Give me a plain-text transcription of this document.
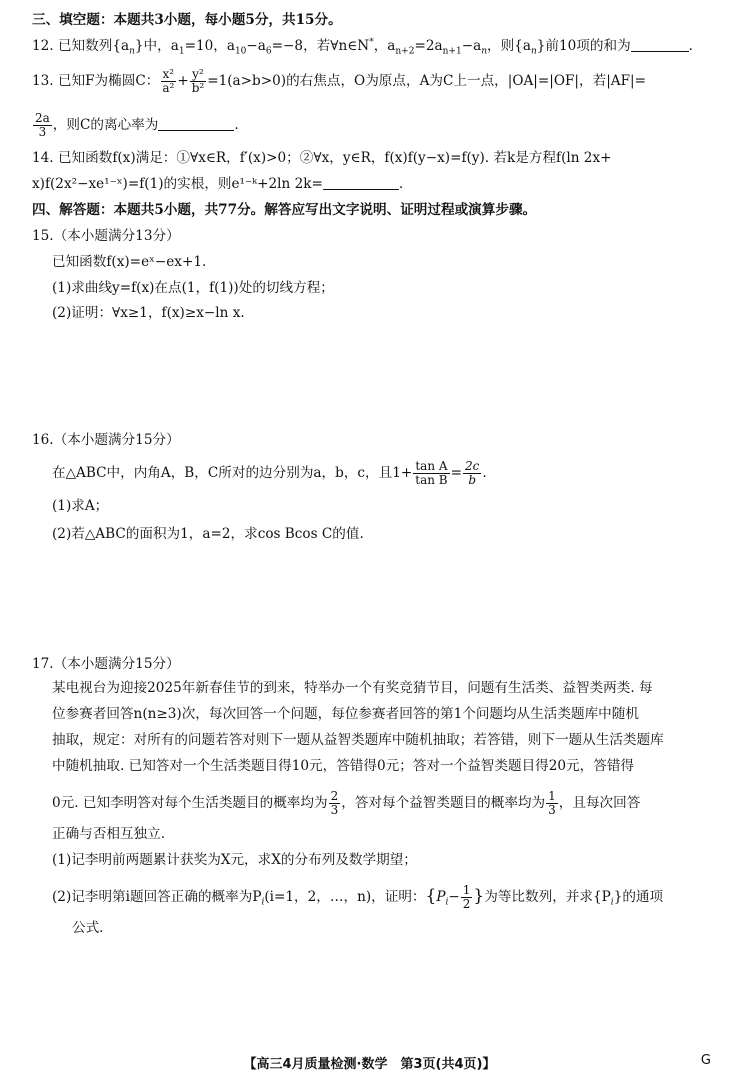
三、填空题：本题共3小题，每小题5分，共15分。
12. 已知数列$\{a_n\}$中，$a_1=10$，$a_{10}-a_6=-8$，若∀n∈N*，$a_{n+2}=2a_{n+1}-a_n$，则$\{a_n\}$前10项的和为	.
13. 已知F为椭圆C： $\frac{\text{x²}}{\text{a²}} + \frac{\text{y²}}{\text{b²}} =1(a>b>0)$的右焦点，O为原点，A为C上一点，|OA|=|OF|，若|AF|=
$\frac{2a}{3}$ ，则C的离心率为	.
14. 已知函数f(x)满足：①∀x∈R，f′(x)>0；②∀x，y∈R，f(x)f(y−x)=f(y). 若k是方程f(ln 2x+
x)f(2x²−xe¹⁻ˣ)=f(1)的实根，则e¹⁻ᵏ+2ln 2k=	.
四、解答题：本题共5小题，共77分。解答应写出文字说明、证明过程或演算步骤。
15.（本小题满分13分）
已知函数f(x)=eˣ−ex+1.
(1)求曲线y=f(x)在点(1，f(1))处的切线方程；
(2)证明：∀x≥1，f(x)≥x−ln x.
16.（本小题满分15分）
在△ABC中，内角A，B，C所对的边分别为a，b，c，且$1+ \frac{\text{tan A}}{\text{tan B}} = \frac{2c}{b}$ .
(1)求A；
(2)若△ABC的面积为1，a=2，求cos Bcos C的值.
17.（本小题满分15分）
某电视台为迎接2025年新春佳节的到来，特举办一个有奖竞猜节目，问题有生活类、益智类两类. 每
位参赛者回答n(n≥3)次，每次回答一个问题，每位参赛者回答的第1个问题均从生活类题库中随机
抽取，规定：对所有的问题若答对则下一题从益智类题库中随机抽取；若答错，则下一题从生活类题库
中随机抽取. 已知答对一个生活类题目得10元，答错得0元；答对一个益智类题目得20元，答错得
0元. 已知李明答对每个生活类题目的概率均为 $\frac{2}{3}$ ，答对每个益智类题目的概率均为 $\frac{1}{3}$ ，且每次回答
正确与否相互独立.
(1)记李明前两题累计获奖为X元，求X的分布列及数学期望；
(2)记李明第i题回答正确的概率为$P_i(i=1$，2，…，n)，证明：{$P_i- \frac{1}{2}$ }为等比数列，并求$\{P_i\}$的通项
公式.
【高三4月质量检测·数学　第3页(共4页)】	G
